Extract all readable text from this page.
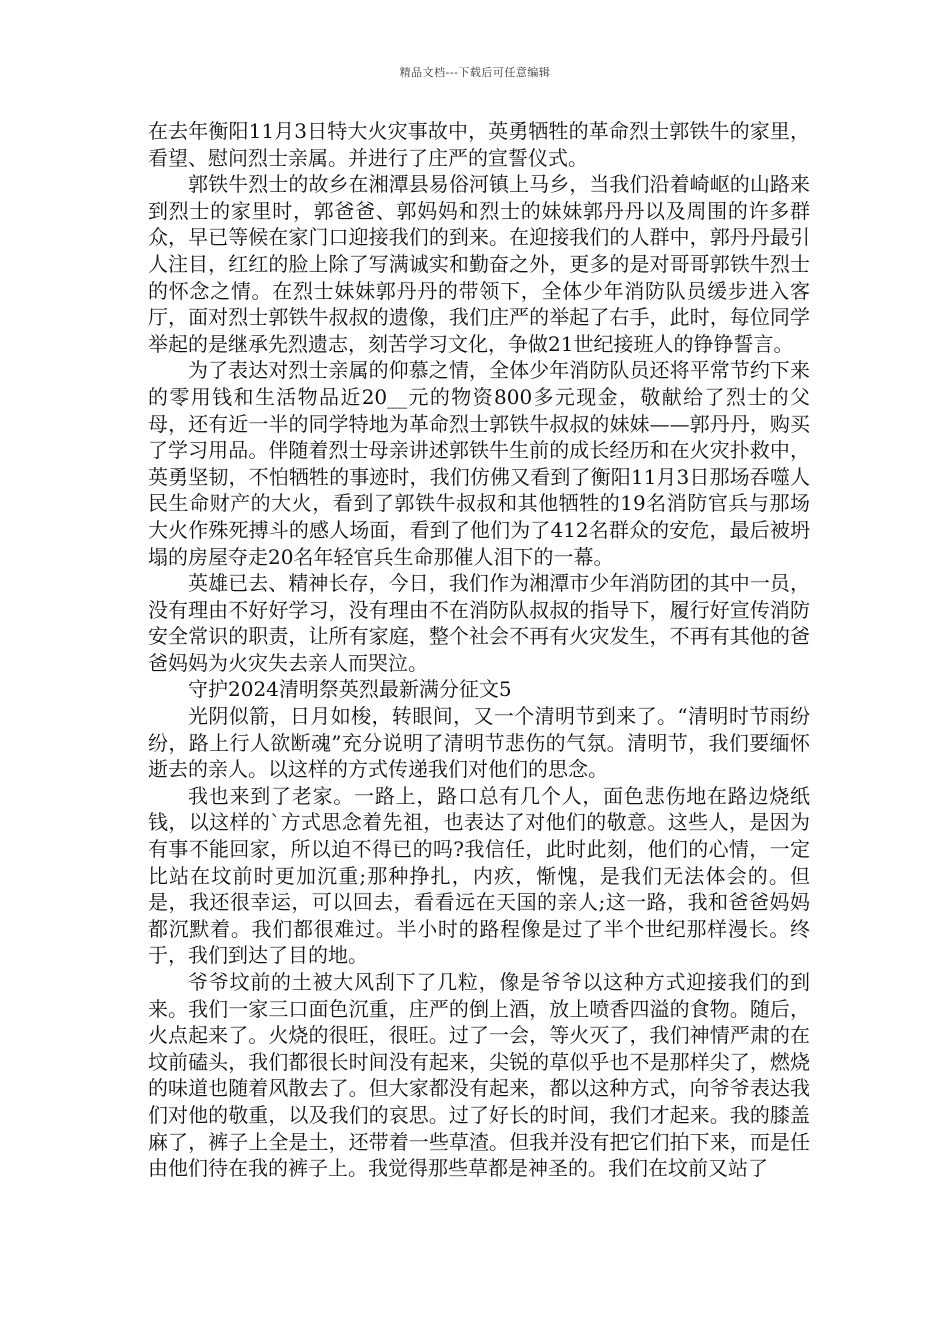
精品文档---下载后可任意编辑

在去年衡阳11月3日特大火灾事故中，英勇牺牲的革命烈士郭铁牛的家里，看望、慰问烈士亲属。并进行了庄严的宣誓仪式。

郭铁牛烈士的故乡在湘潭县易俗河镇上马乡，当我们沿着崎岖的山路来到烈士的家里时，郭爸爸、郭妈妈和烈士的妹妹郭丹丹以及周围的许多群众，早已等候在家门口迎接我们的到来。在迎接我们的人群中，郭丹丹最引人注目，红红的脸上除了写满诚实和勤奋之外，更多的是对哥哥郭铁牛烈士的怀念之情。在烈士妹妹郭丹丹的带领下，全体少年消防队员缓步进入客厅，面对烈士郭铁牛叔叔的遗像，我们庄严的举起了右手，此时，每位同学举起的是继承先烈遗志，刻苦学习文化，争做21世纪接班人的铮铮誓言。

为了表达对烈士亲属的仰慕之情，全体少年消防队员还将平常节约下来的零用钱和生活物品近20__元的物资800多元现金，敬献给了烈士的父母，还有近一半的同学特地为革命烈士郭铁牛叔叔的妹妹——郭丹丹，购买了学习用品。伴随着烈士母亲讲述郭铁牛生前的成长经历和在火灾扑救中，英勇坚韧，不怕牺牲的事迹时，我们仿佛又看到了衡阳11月3日那场吞噬人民生命财产的大火，看到了郭铁牛叔叔和其他牺牲的19名消防官兵与那场大火作殊死搏斗的感人场面，看到了他们为了412名群众的安危，最后被坍塌的房屋夺走20名年轻官兵生命那催人泪下的一幕。

英雄已去、精神长存，今日，我们作为湘潭市少年消防团的其中一员，没有理由不好好学习，没有理由不在消防队叔叔的指导下，履行好宣传消防安全常识的职责，让所有家庭，整个社会不再有火灾发生，不再有其他的爸爸妈妈为火灾失去亲人而哭泣。

守护2024清明祭英烈最新满分征文5

光阴似箭，日月如梭，转眼间，又一个清明节到来了。“清明时节雨纷纷，路上行人欲断魂”充分说明了清明节悲伤的气氛。清明节，我们要缅怀逝去的亲人。以这样的方式传递我们对他们的思念。

我也来到了老家。一路上，路口总有几个人，面色悲伤地在路边烧纸钱，以这样的`方式思念着先祖，也表达了对他们的敬意。这些人，是因为有事不能回家，所以迫不得已的吗?我信任，此时此刻，他们的心情，一定比站在坟前时更加沉重;那种挣扎，内疚，惭愧，是我们无法体会的。但是，我还很幸运，可以回去，看看远在天国的亲人;这一路，我和爸爸妈妈都沉默着。我们都很难过。半小时的路程像是过了半个世纪那样漫长。终于，我们到达了目的地。

爷爷坟前的土被大风刮下了几粒，像是爷爷以这种方式迎接我们的到来。我们一家三口面色沉重，庄严的倒上酒，放上喷香四溢的食物。随后，火点起来了。火烧的很旺，很旺。过了一会，等火灭了，我们神情严肃的在坟前磕头，我们都很长时间没有起来，尖锐的草似乎也不是那样尖了，燃烧的味道也随着风散去了。但大家都没有起来，都以这种方式，向爷爷表达我们对他的敬重，以及我们的哀思。过了好长的时间，我们才起来。我的膝盖麻了，裤子上全是土，还带着一些草渣。但我并没有把它们拍下来，而是任由他们待在我的裤子上。我觉得那些草都是神圣的。我们在坟前又站了
